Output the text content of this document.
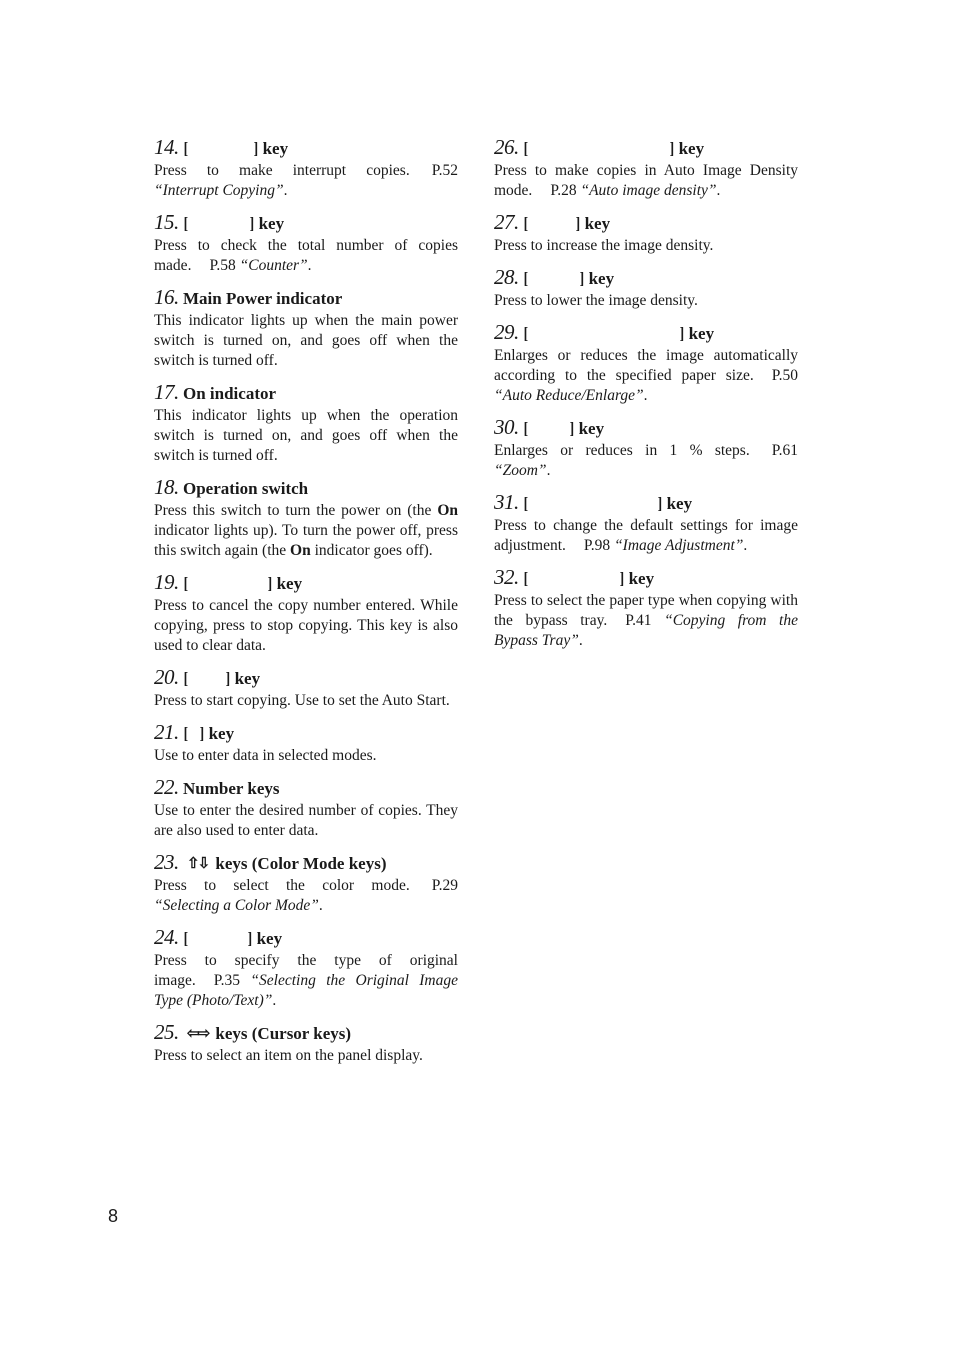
14. [	] key
Press to make interrupt copies. P.52 “Interrupt Copying”.
15. [	] key
Press to check the total number of copies made. P.58 “Counter”.
16. Main Power indicator
This indicator lights up when the main power switch is turned on, and goes off when the switch is turned off.
17. On indicator
This indicator lights up when the operation switch is turned on, and goes off when the switch is turned off.
18. Operation switch
Press this switch to turn the power on (the On indicator lights up). To turn the power off, press this switch again (the On indicator goes off).
19. [	] key
Press to cancel the copy number entered. While copying, press to stop copying. This key is also used to clear data.
20. [ ] key
Press to start copying. Use to set the Auto Start.
21. [ ] key
Use to enter data in selected modes.
22. Number keys
Use to enter the desired number of copies. They are also used to enter data.
23. ⇧⇩ keys (Color Mode keys)
Press to select the color mode. P.29 “Selecting a Color Mode”.
24. [	] key
Press to specify the type of original image. P.35 “Selecting the Original Image Type (Photo/Text)”.
25. ⇦⇨ keys (Cursor keys)
Press to select an item on the panel display.
26. [	] key
Press to make copies in Auto Image Density mode. P.28 “Auto image density”.
27. [	] key
Press to increase the image density.
28. [	] key
Press to lower the image density.
29. [	] key
Enlarges or reduces the image automatically according to the specified paper size. P.50 “Auto Reduce/Enlarge”.
30. [ ] key
Enlarges or reduces in 1 % steps. P.61 “Zoom”.
31. [	] key
Press to change the default settings for image adjustment. P.98 “Image Adjustment”.
32. [	] key
Press to select the paper type when copying with the bypass tray. P.41 “Copying from the Bypass Tray”.
8
